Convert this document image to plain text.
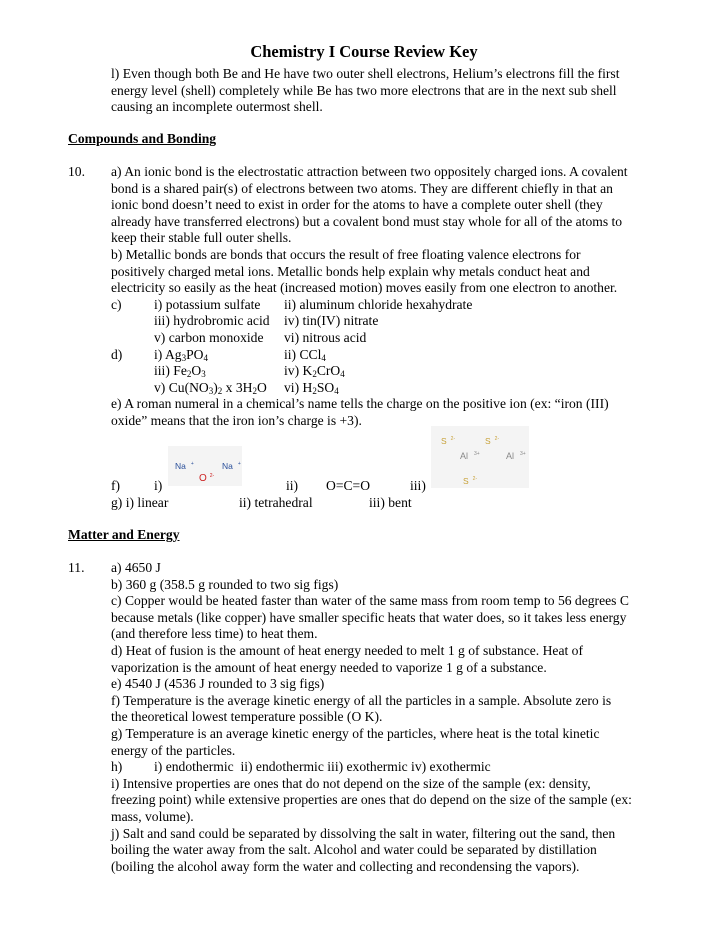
Chemistry I Course Review Key
l) Even though both Be and He have two outer shell electrons, Helium’s electrons fill the first
energy level (shell) completely while Be has two more electrons that are in the next sub shell
causing an incomplete outermost shell.
Compounds and Bonding
10. a) An ionic bond is the electrostatic attraction between two oppositely charged ions. A covalent
bond is a shared pair(s) of electrons between two atoms. They are different chiefly in that an
ionic bond doesn’t need to exist in order for the atoms to have a complete outer shell (they
already have transferred electrons) but a covalent bond must stay whole for all of the atoms to
keep their stable full outer shells.
b) Metallic bonds are bonds that occurs the result of free floating valence electrons for
positively charged metal ions. Metallic bonds help explain why metals conduct heat and
electricity so easily as the heat (increased motion) moves easily from one electron to another.
c) i) potassium sulfate ii) aluminum chloride hexahydrate
iii) hydrobromic acid iv) tin(IV) nitrate
v) carbon monoxide vi) nitrous acid
d) i) $Ag_3PO_4$	ii) CCl$_4$
iii) $Fe_2O_3$	iv) $K_2CrO_4$
v) $Cu(NO_3)_2$ x $3H_2O$ vi) $H_2SO_4$
e) A roman numeral in a chemical’s name tells the charge on the positive ion (ex: “iron (III)
oxide” means that the iron ion’s charge is +3).
Na +	Na +
O $^{2-}$
S $^{2-}$	S $^{2-}$
Al $^{3+}$	Al $^{3+}$
S $^{2-}$
f) i)	ii) O=C=O	iii)
g) i) linear	ii) tetrahedral	iii) bent
Matter and Energy
11. a) 4650 J
b) 360 g (358.5 g rounded to two sig figs)
c) Copper would be heated faster than water of the same mass from room temp to 56 degrees C
because metals (like copper) have smaller specific heats that water does, so it takes less energy
(and therefore less time) to heat them.
d) Heat of fusion is the amount of heat energy needed to melt 1 g of substance. Heat of
vaporization is the amount of heat energy needed to vaporize 1 g of a substance.
e) 4540 J (4536 J rounded to 3 sig figs)
f) Temperature is the average kinetic energy of all the particles in a sample. Absolute zero is
the theoretical lowest temperature possible (O K).
g) Temperature is an average kinetic energy of the particles, where heat is the total kinetic
energy of the particles.
h) i) endothermic  ii) endothermic iii) exothermic iv) exothermic
i) Intensive properties are ones that do not depend on the size of the sample (ex: density,
freezing point) while extensive properties are ones that do depend on the size of the sample (ex:
mass, volume).
j) Salt and sand could be separated by dissolving the salt in water, filtering out the sand, then
boiling the water away from the salt. Alcohol and water could be separated by distillation
(boiling the alcohol away form the water and collecting and recondensing the vapors).
